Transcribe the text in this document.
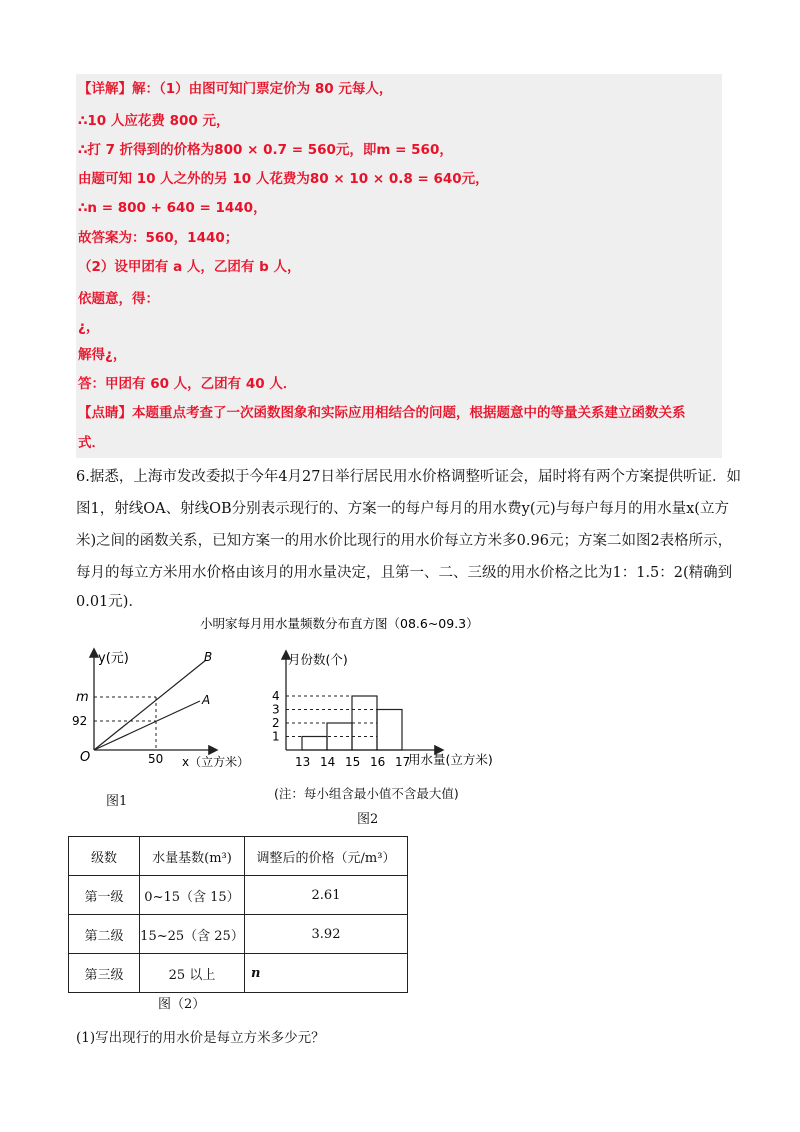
【详解】解：（1）由图可知门票定价为 80 元每人，
∴10 人应花费 800 元，
∴打 7 折得到的价格为800 × 0.7 = 560元，即m = 560，
由题可知 10 人之外的另 10 人花费为80 × 10 × 0.8 = 640元，
∴n = 800 + 640 = 1440，
故答案为：560，1440；
（2）设甲团有 a 人，乙团有 b 人，
依题意，得：
¿，
解得¿，
答：甲团有 60 人，乙团有 40 人．
【点睛】本题重点考查了一次函数图象和实际应用相结合的问题，根据题意中的等量关系建立函数关系
式．
6.据悉，上海市发改委拟于今年4月27日举行居民用水价格调整听证会，届时将有两个方案提供听证．如
图1，射线OA、射线OB分别表示现行的、方案一的每户每月的用水费y(元)与每户每月的用水量x(立方
米)之间的函数关系，已知方案一的用水价比现行的用水价每立方米多0.96元；方案二如图2表格所示，
每月的每立方米用水价格由该月的用水量决定，且第一、二、三级的用水价格之比为1：1.5：2(精确到
0.01元)．
y(元)
x（立方米）
O
m
92
50
A
B
图1
小明家每月用水量频数分布直方图（08.6~09.3）
月份数(个)
用水量(立方米)
13 14 15 16 17
1
2
3
4
(注：每小组含最小值不含最大值)
图2
级数	水量基数(m³)	调整后的价格（元/m³）
第一级	0~15（含 15）	2.61
第二级	15~25（含 25）	3.92
第三级	25 以上	n
图（2）
(1)写出现行的用水价是每立方米多少元？
